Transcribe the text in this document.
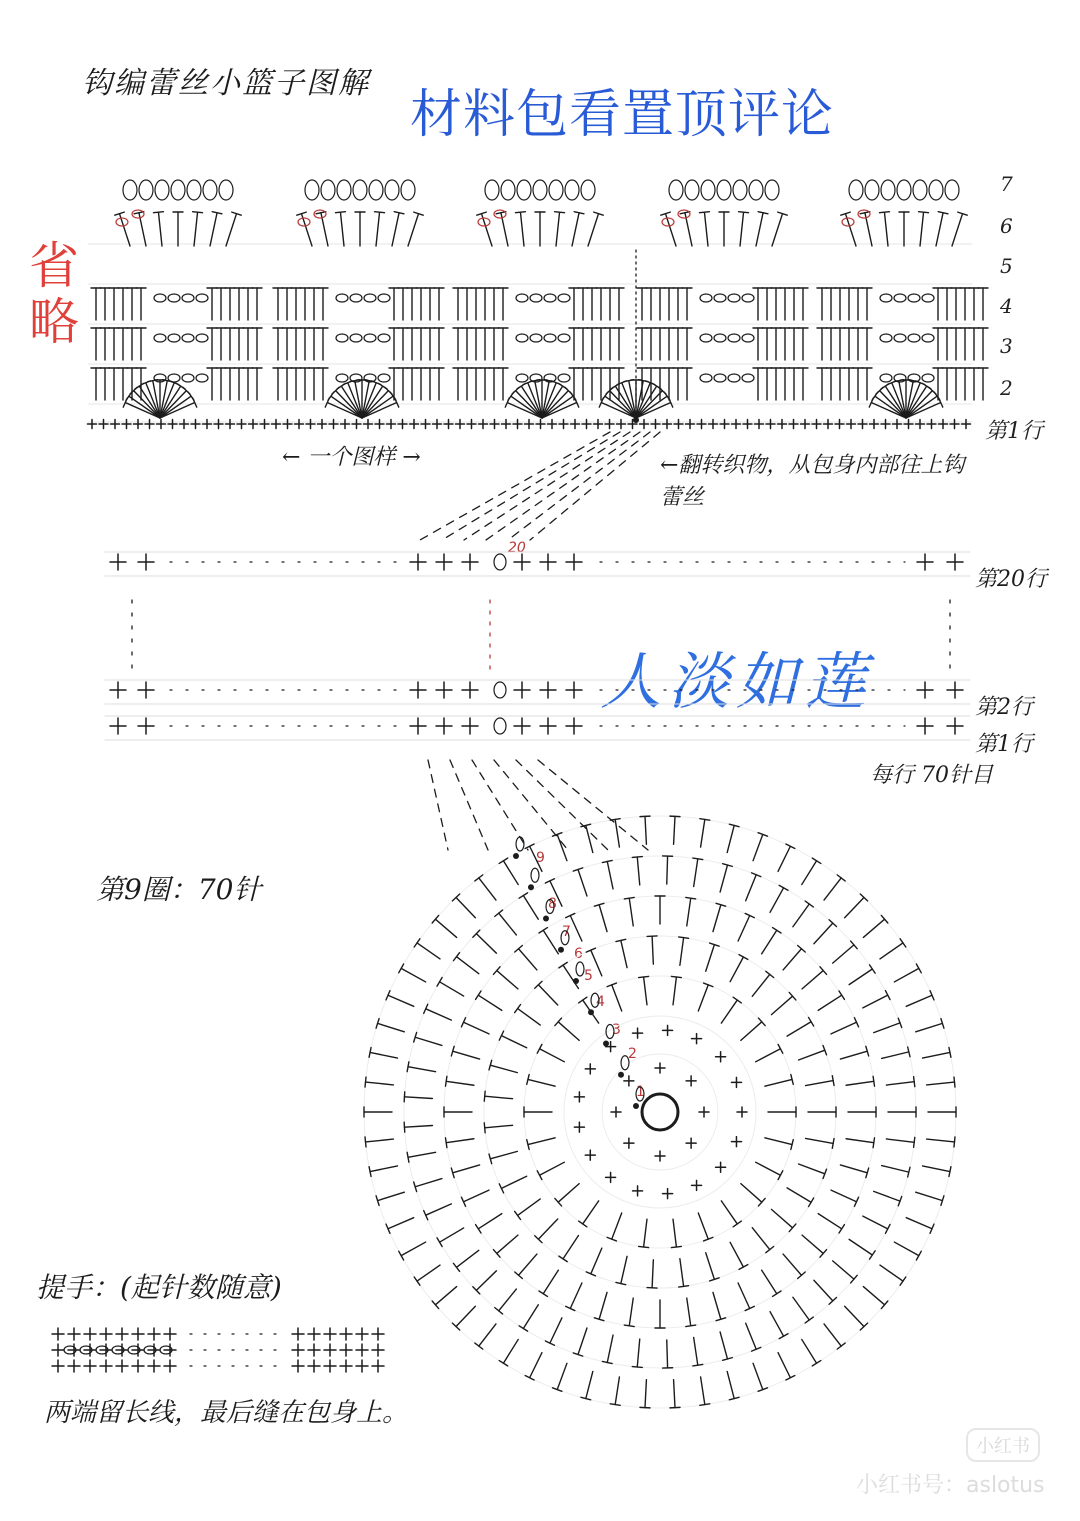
钩编蕾丝小篮子图解
材料包看置顶评论
省略
7
6
5
4
3
2
第1行
← 一个图样 →	←翻转织物，从包身内部往上钩蕾丝
第20行
第2行
第1行
每行 70针目
20
人淡如莲
第9圈：70针
1
2
3
4
5
6
7
8
9
提手：(起针数随意)
两端留长线，最后缝在包身上。
小红书
小红书号：aslotus
